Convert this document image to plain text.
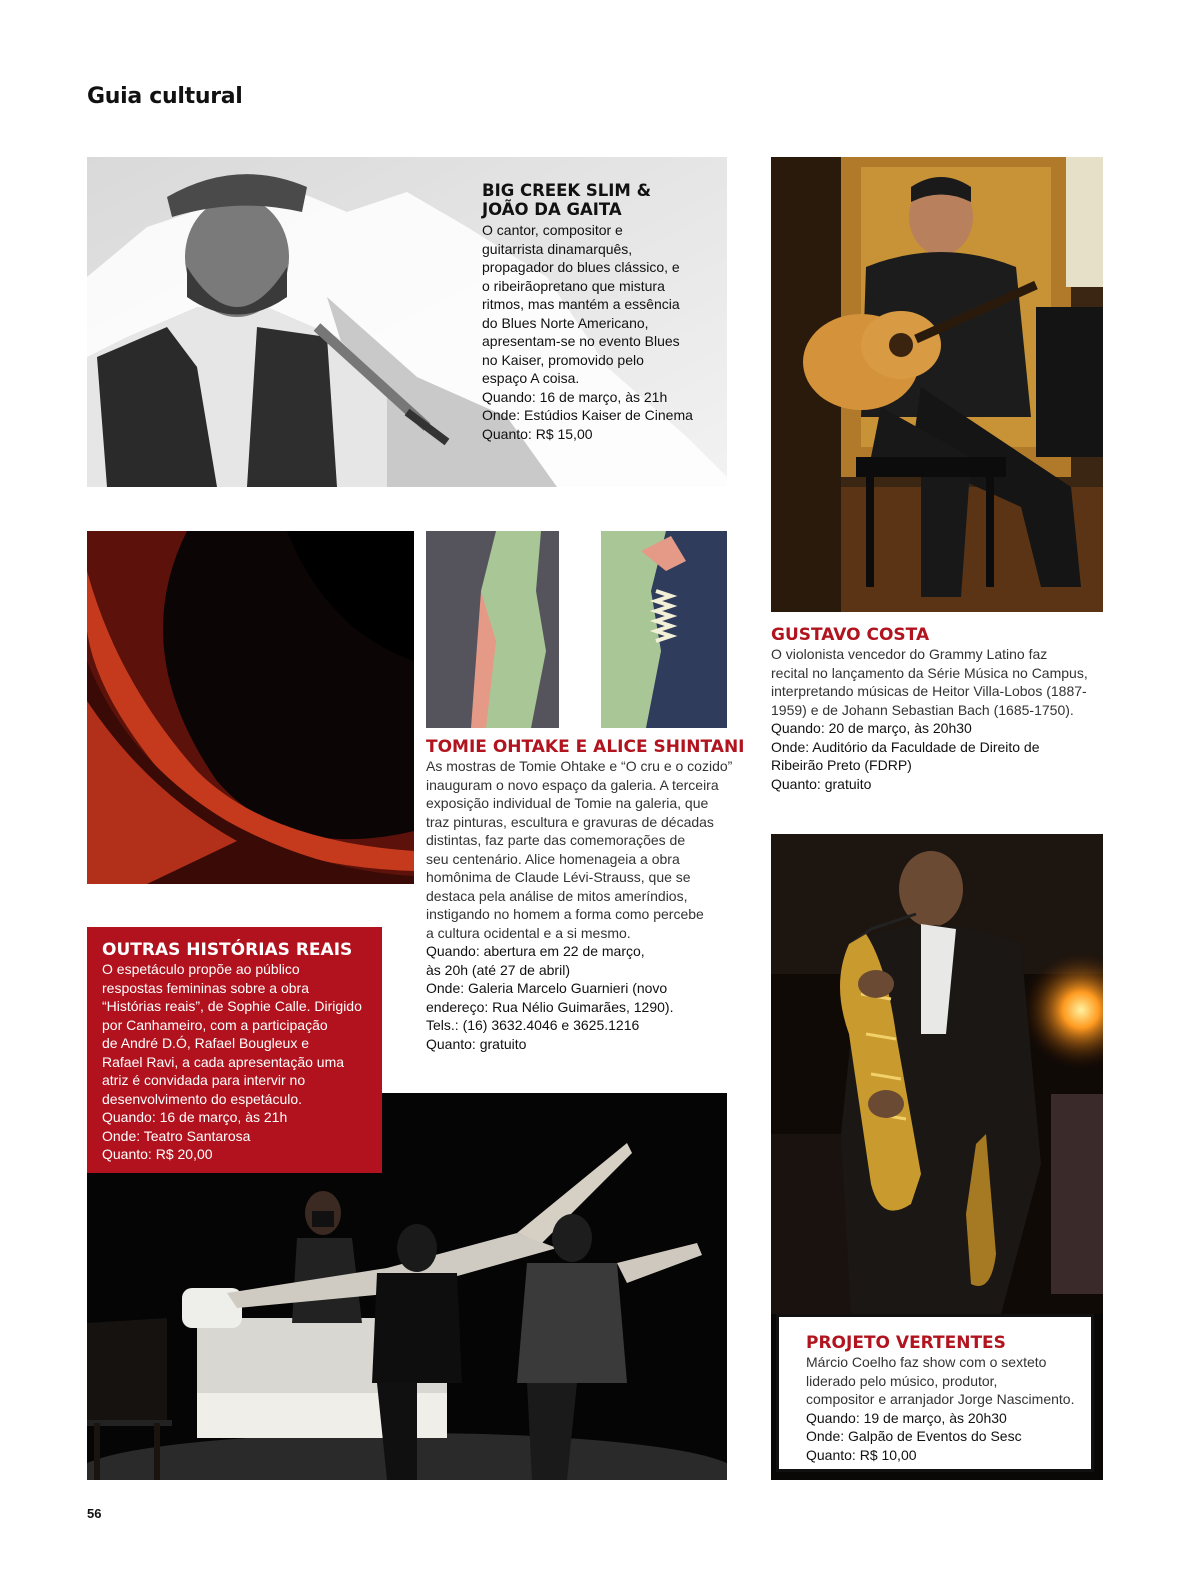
Guia cultural
BIG CREEK SLIM &
JOÃO DA GAITA
O cantor, compositor e
guitarrista dinamarquês,
propagador do blues clássico, e
o ribeirãopretano que mistura
ritmos, mas mantém a essência
do Blues Norte Americano,
apresentam-se no evento Blues
no Kaiser, promovido pelo
espaço A coisa.
Quando: 16 de março, às 21h
Onde: Estúdios Kaiser de Cinema
Quanto: R$ 15,00
GUSTAVO COSTA
O violonista vencedor do Grammy Latino faz
recital no lançamento da Série Música no Campus,
interpretando músicas de Heitor Villa-Lobos (1887-
1959) e de Johann Sebastian Bach (1685-1750).
Quando: 20 de março, às 20h30
Onde: Auditório da Faculdade de Direito de
Ribeirão Preto (FDRP)
Quanto: gratuito
TOMIE OHTAKE E ALICE SHINTANI
As mostras de Tomie Ohtake e “O cru e o cozido”
inauguram o novo espaço da galeria. A terceira
exposição individual de Tomie na galeria, que
traz pinturas, escultura e gravuras de décadas
distintas, faz parte das comemorações de
seu centenário. Alice homenageia a obra
homônima de Claude Lévi-Strauss, que se
destaca pela análise de mitos ameríndios,
instigando no homem a forma como percebe
a cultura ocidental e a si mesmo.
Quando: abertura em 22 de março,
às 20h (até 27 de abril)
Onde: Galeria Marcelo Guarnieri (novo
endereço: Rua Nélio Guimarães, 1290).
Tels.: (16) 3632.4046 e 3625.1216
Quanto: gratuito
OUTRAS HISTÓRIAS REAIS
O espetáculo propõe ao público
respostas femininas sobre a obra
“Histórias reais”, de Sophie Calle. Dirigido
por Canhameiro, com a participação
de André D.Ó, Rafael Bougleux e
Rafael Ravi, a cada apresentação uma
atriz é convidada para intervir no
desenvolvimento do espetáculo.
Quando: 16 de março, às 21h
Onde: Teatro Santarosa
Quanto: R$ 20,00
PROJETO VERTENTES
Márcio Coelho faz show com o sexteto
liderado pelo músico, produtor,
compositor e arranjador Jorge Nascimento.
Quando: 19 de março, às 20h30
Onde: Galpão de Eventos do Sesc
Quanto: R$ 10,00
56
